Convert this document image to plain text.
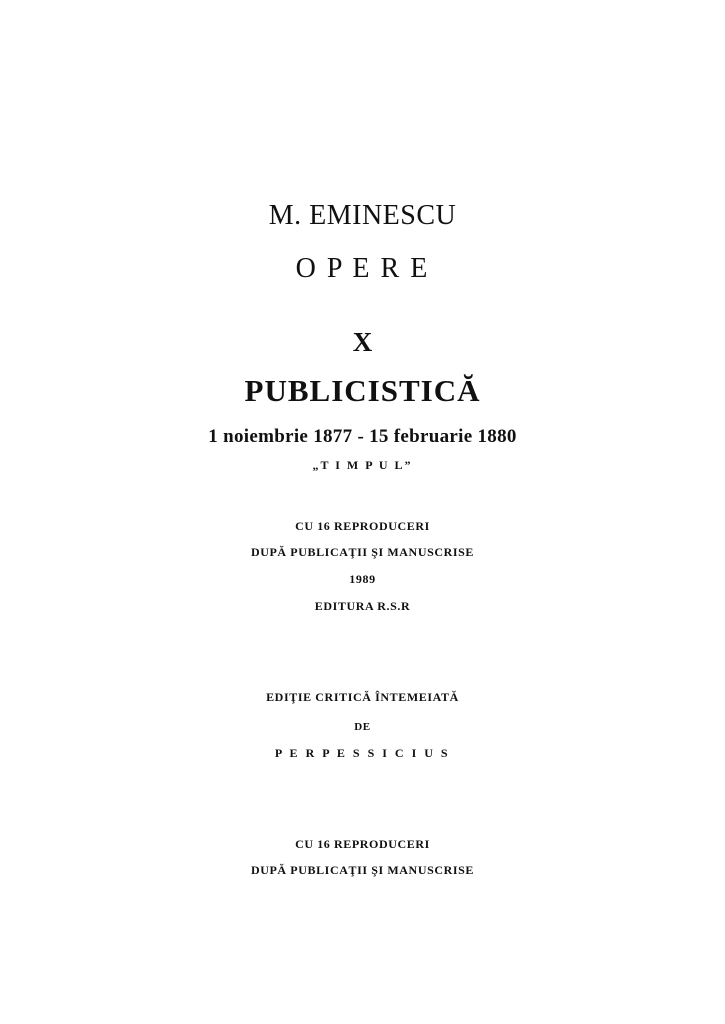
M. EMINESCU
O P E R E
X
PUBLICISTICĂ
1 noiembrie 1877 - 15 februarie 1880
„T I M P U L”
CU 16 REPRODUCERI
DUPĂ PUBLICAŢII ŞI MANUSCRISE
1989
EDITURA R.S.R
EDIŢIE CRITICĂ ÎNTEMEIATĂ
DE
P E R P E S S I C I U S
CU 16 REPRODUCERI
DUPĂ PUBLICAŢII ŞI MANUSCRISE
